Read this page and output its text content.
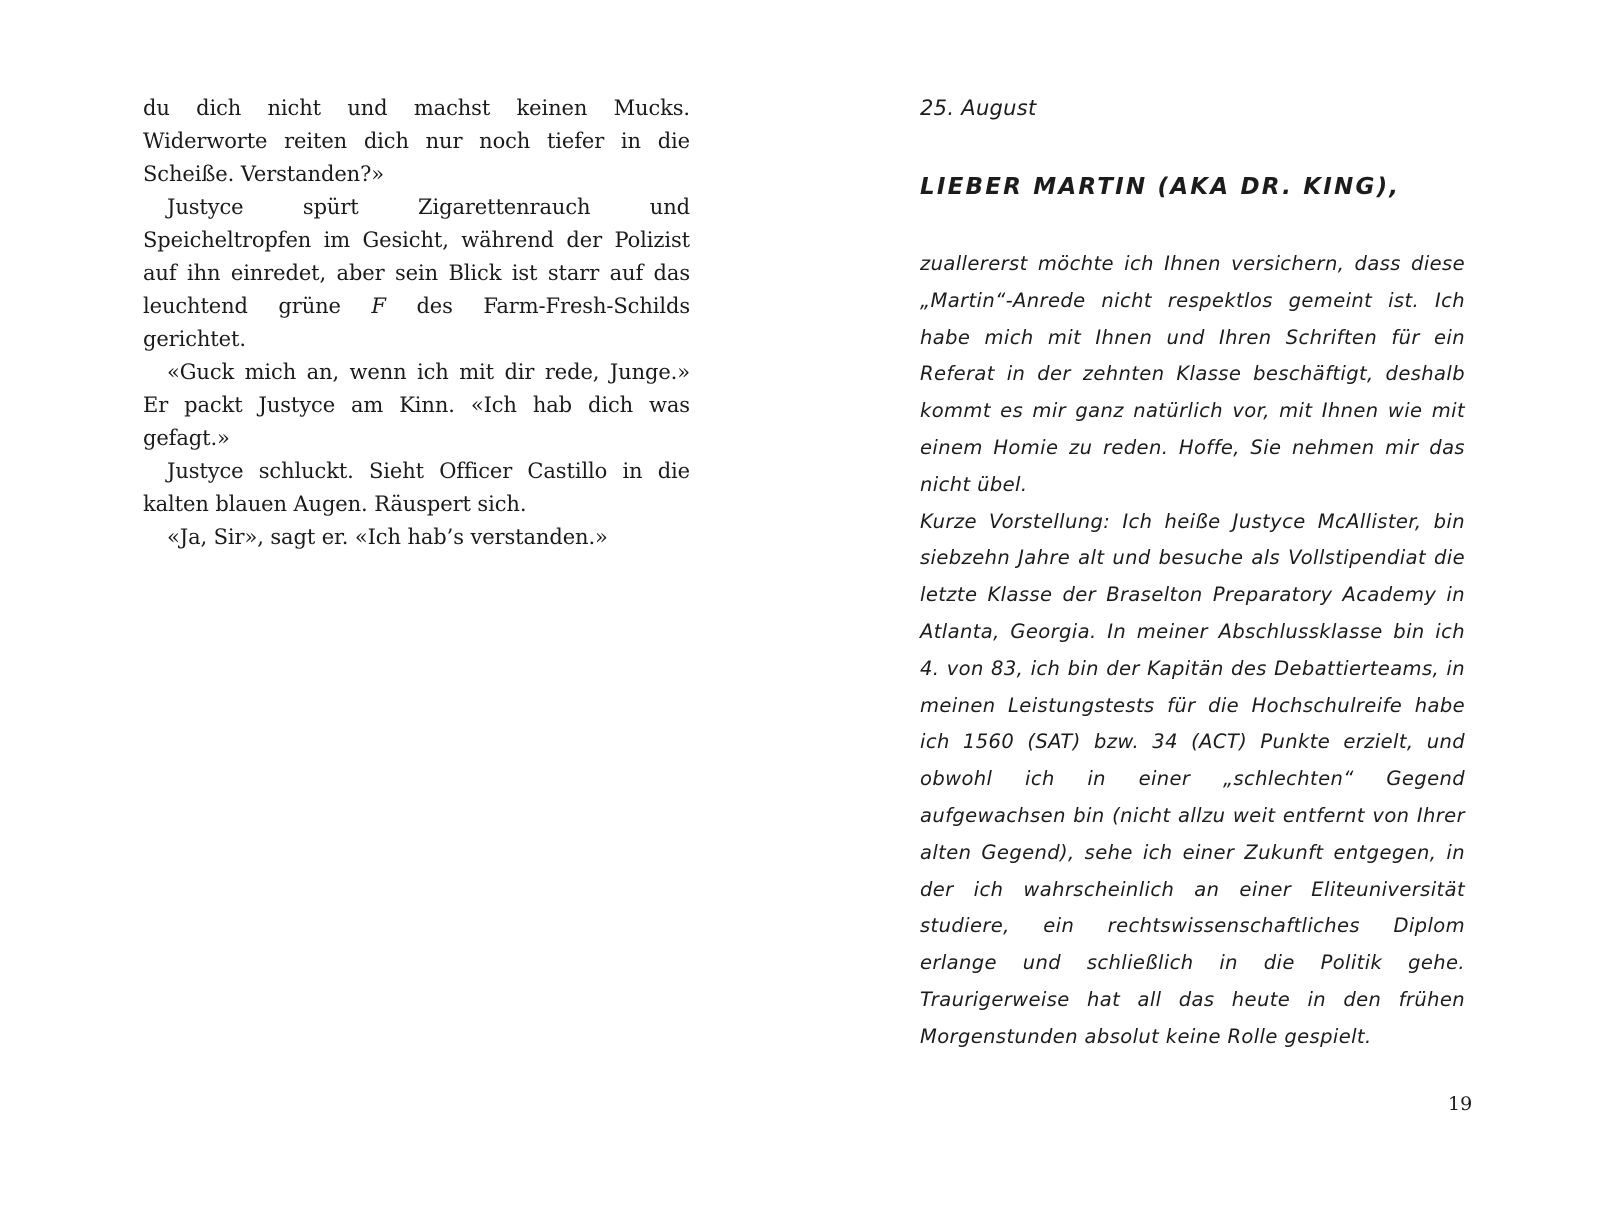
du dich nicht und machst keinen Mucks. Widerworte reiten dich nur noch tiefer in die Scheiße. Verstanden?»

Justyce spürt Zigarettenrauch und Speicheltropfen im Gesicht, während der Polizist auf ihn einredet, aber sein Blick ist starr auf das leuchtend grüne F des Farm-Fresh-Schilds gerichtet.

«Guck mich an, wenn ich mit dir rede, Junge.» Er packt Justyce am Kinn. «Ich hab dich was gefagt.»

Justyce schluckt. Sieht Officer Castillo in die kalten blauen Augen. Räuspert sich.

«Ja, Sir», sagt er. «Ich hab’s verstanden.»

25. August

LIEBER MARTIN (AKA DR. KING),

zuallererst möchte ich Ihnen versichern, dass diese „Martin“-Anrede nicht respektlos gemeint ist. Ich habe mich mit Ihnen und Ihren Schriften für ein Referat in der zehnten Klasse beschäftigt, deshalb kommt es mir ganz natürlich vor, mit Ihnen wie mit einem Homie zu reden. Hoffe, Sie nehmen mir das nicht übel.

Kurze Vorstellung: Ich heiße Justyce McAllister, bin siebzehn Jahre alt und besuche als Vollstipendiat die letzte Klasse der Braselton Preparatory Academy in Atlanta, Georgia. In meiner Abschlussklasse bin ich 4. von 83, ich bin der Kapitän des Debattierteams, in meinen Leistungstests für die Hochschulreife habe ich 1560 (SAT) bzw. 34 (ACT) Punkte erzielt, und obwohl ich in einer „schlechten“ Gegend aufgewachsen bin (nicht allzu weit entfernt von Ihrer alten Gegend), sehe ich einer Zukunft entgegen, in der ich wahrscheinlich an einer Eliteuniversität studiere, ein rechtswissenschaftliches Diplom erlange und schließlich in die Politik gehe. Traurigerweise hat all das heute in den frühen Morgenstunden absolut keine Rolle gespielt.

19
